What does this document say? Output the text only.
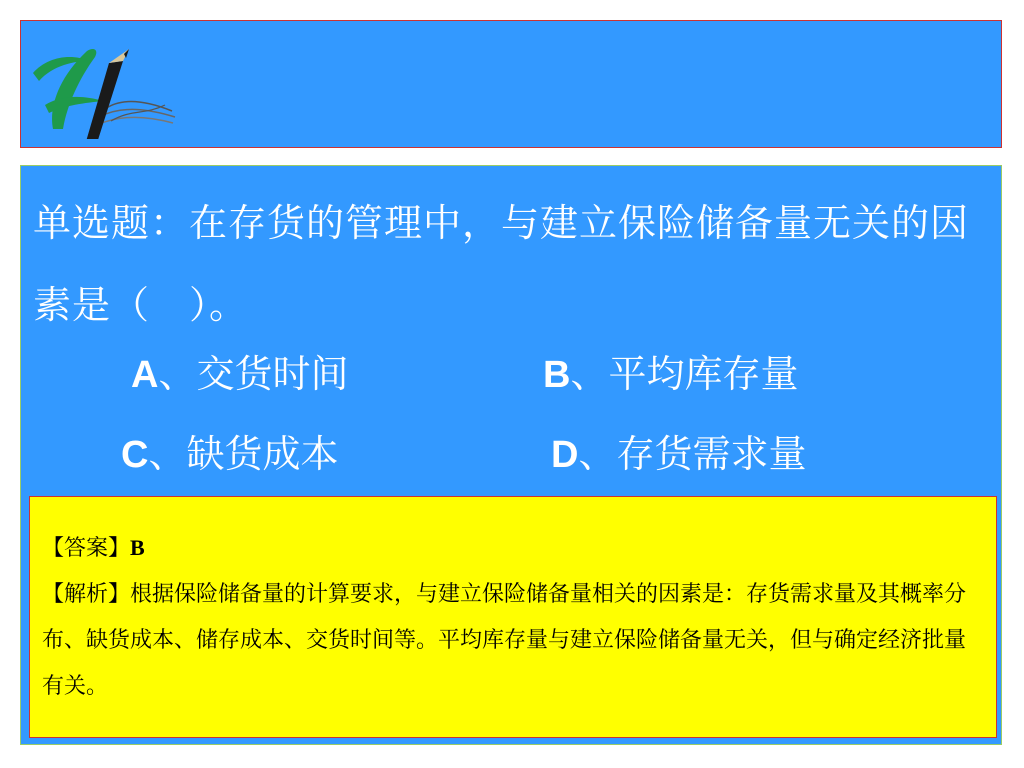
单选题：在存货的管理中，与建立保险储备量无关的因素是（　）。

A、交货时间	B、平均库存量
C、缺货成本	D、存货需求量

【答案】B

【解析】根据保险储备量的计算要求，与建立保险储备量相关的因素是：存货需求量及其概率分布、缺货成本、储存成本、交货时间等。平均库存量与建立保险储备量无关，但与确定经济批量有关。
